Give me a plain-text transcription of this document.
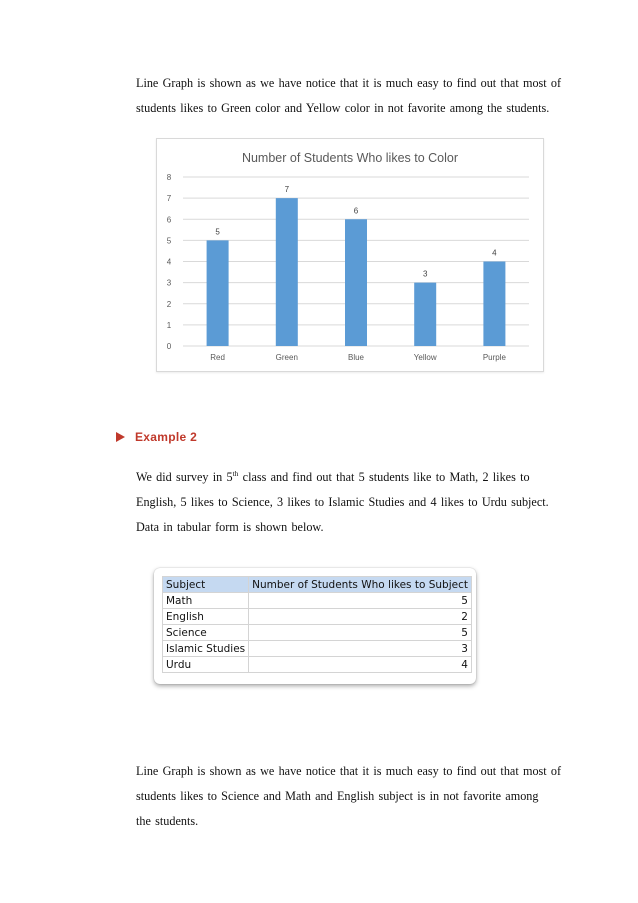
Line Graph is shown as we have notice that it is much easy to find out that most of
students likes to Green color and Yellow color in not favorite among the students.

Number of Students Who likes to Color
0
1
2
3
4
5
6
7
8
5
7
6
3
4
Red	Green	Blue	Yellow	Purple
Example 2

We did survey in 5th class and find out that 5 students like to Math, 2 likes to
English, 5 likes to Science, 3 likes to Islamic Studies and 4 likes to Urdu subject.
Data in tabular form is shown below.

Subject	Number of Students Who likes to Subject
Math	5
English	2
Science	5
Islamic Studies	3
Urdu	4

Line Graph is shown as we have notice that it is much easy to find out that most of
students likes to Science and Math and English subject is in not favorite among
the students.
